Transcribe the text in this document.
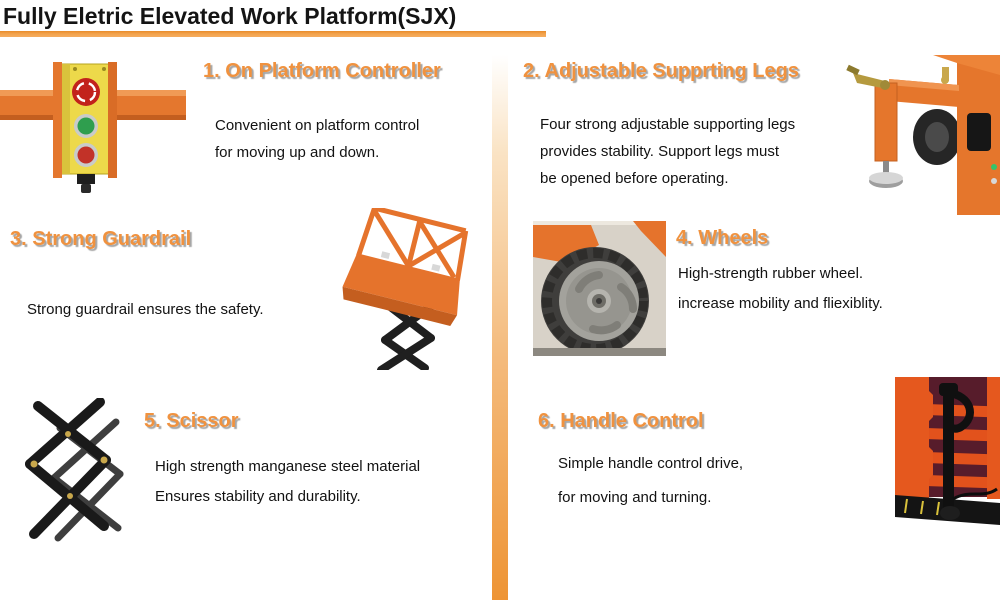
Fully Eletric Elevated Work Platform(SJX)
1. On Platform Controller
Convenient on platform control
for moving up and down.
2. Adjustable Supprting Legs
Four strong adjustable supporting legs
provides stability. Support legs must
be opened before operating.
3. Strong Guardrail
Strong guardrail ensures the safety.
4. Wheels
High-strength rubber wheel.
increase mobility and fliexiblity.
5. Scissor
High strength manganese steel material
Ensures stability and durability.
6. Handle Control
Simple handle control drive,
for moving and turning.
